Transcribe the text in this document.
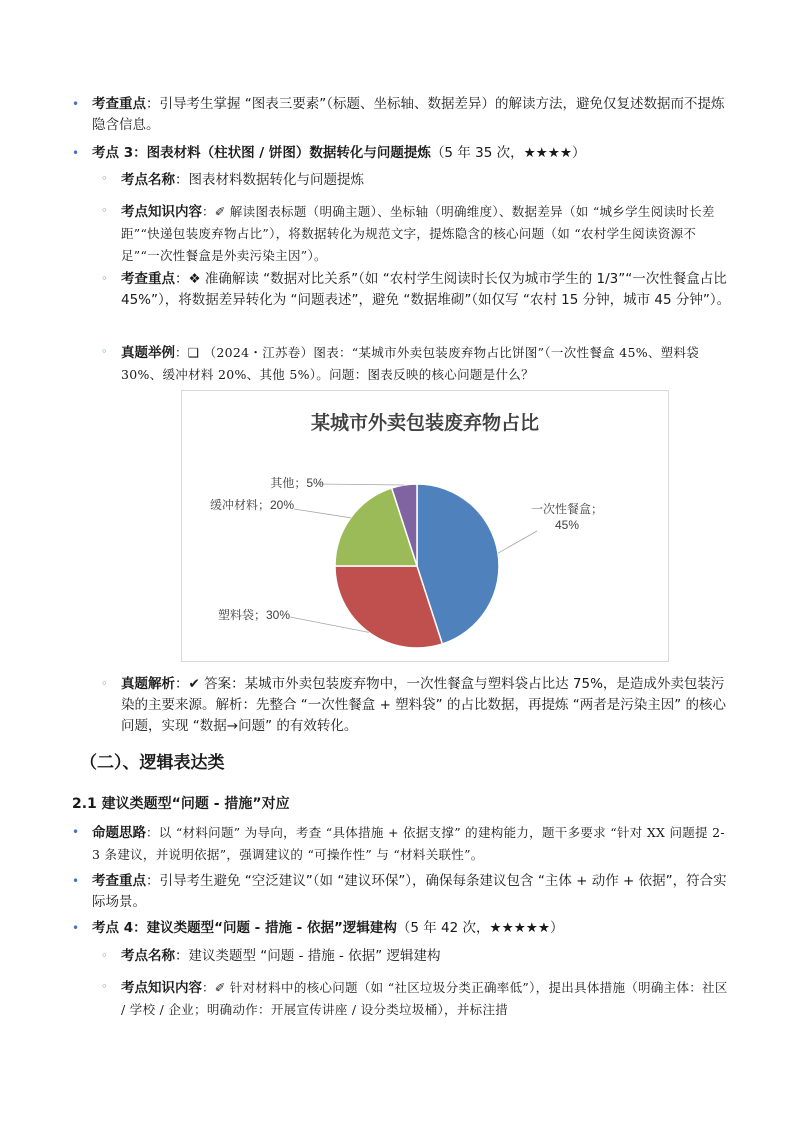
• 考查重点：引导考生掌握 “图表三要素”（标题、坐标轴、数据差异）的解读方法，避免仅复述数据而不提炼隐含信息。
• 考点 3：图表材料（柱状图 / 饼图）数据转化与问题提炼（5 年 35 次，★★★★）
◦ 考点名称：图表材料数据转化与问题提炼
◦ 考点知识内容：✐ 解读图表标题（明确主题）、坐标轴（明确维度）、数据差异（如 “城乡学生阅读时长差距”“快递包装废弃物占比”），将数据转化为规范文字，提炼隐含的核心问题（如 “农村学生阅读资源不足”“一次性餐盒是外卖污染主因”）。
◦ 考查重点：❖ 准确解读 “数据对比关系”（如 “农村学生阅读时长仅为城市学生的 1/3”“一次性餐盒占比 45%”），将数据差异转化为 “问题表述”，避免 “数据堆砌”（如仅写 “农村 15 分钟，城市 45 分钟”）。
◦ 真题举例：❑ （2024・江苏卷）图表：“某城市外卖包装废弃物占比饼图”（一次性餐盒 45%、塑料袋 30%、缓冲材料 20%、其他 5%）。问题：图表反映的核心问题是什么？
某城市外卖包装废弃物占比
一次性餐盒；
45%
塑料袋；30%
缓冲材料；20%
其他；5%
◦ 真题解析：✔ 答案：某城市外卖包装废弃物中，一次性餐盒与塑料袋占比达 75%，是造成外卖包装污染的主要来源。解析：先整合 “一次性餐盒 + 塑料袋” 的占比数据，再提炼 “两者是污染主因” 的核心问题，实现 “数据→问题” 的有效转化。
（二）、逻辑表达类
2.1 建议类题型“问题 - 措施”对应
• 命题思路：以 “材料问题” 为导向，考查 “具体措施 + 依据支撑” 的建构能力，题干多要求 “针对 XX 问题提 2-3 条建议，并说明依据”，强调建议的 “可操作性” 与 “材料关联性”。
• 考查重点：引导考生避免 “空泛建议”（如 “建议环保”），确保每条建议包含 “主体 + 动作 + 依据”，符合实际场景。
• 考点 4：建议类题型“问题 - 措施 - 依据”逻辑建构（5 年 42 次，★★★★★）
◦ 考点名称：建议类题型 “问题 - 措施 - 依据” 逻辑建构
◦ 考点知识内容：✐ 针对材料中的核心问题（如 “社区垃圾分类正确率低”），提出具体措施（明确主体：社区 / 学校 / 企业；明确动作：开展宣传讲座 / 设分类垃圾桶），并标注措
